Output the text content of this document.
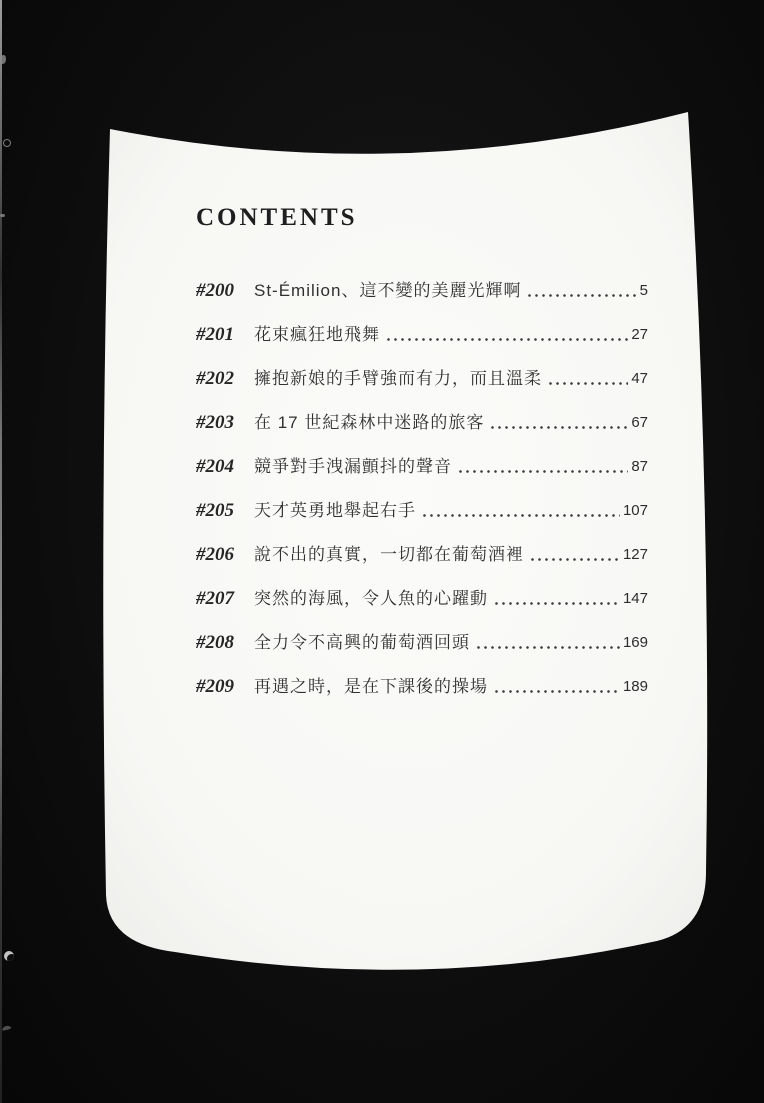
CONTENTS
#200	St-Émilion、這不變的美麗光輝啊	5
#201	花束瘋狂地飛舞	27
#202	擁抱新娘的手臂強而有力，而且溫柔	47
#203	在 17 世紀森林中迷路的旅客	67
#204	競爭對手洩漏顫抖的聲音	87
#205	天才英勇地舉起右手	107
#206	說不出的真實，一切都在葡萄酒裡	127
#207	突然的海風，令人魚的心躍動	147
#208	全力令不高興的葡萄酒回頭	169
#209	再遇之時，是在下課後的操場	189
